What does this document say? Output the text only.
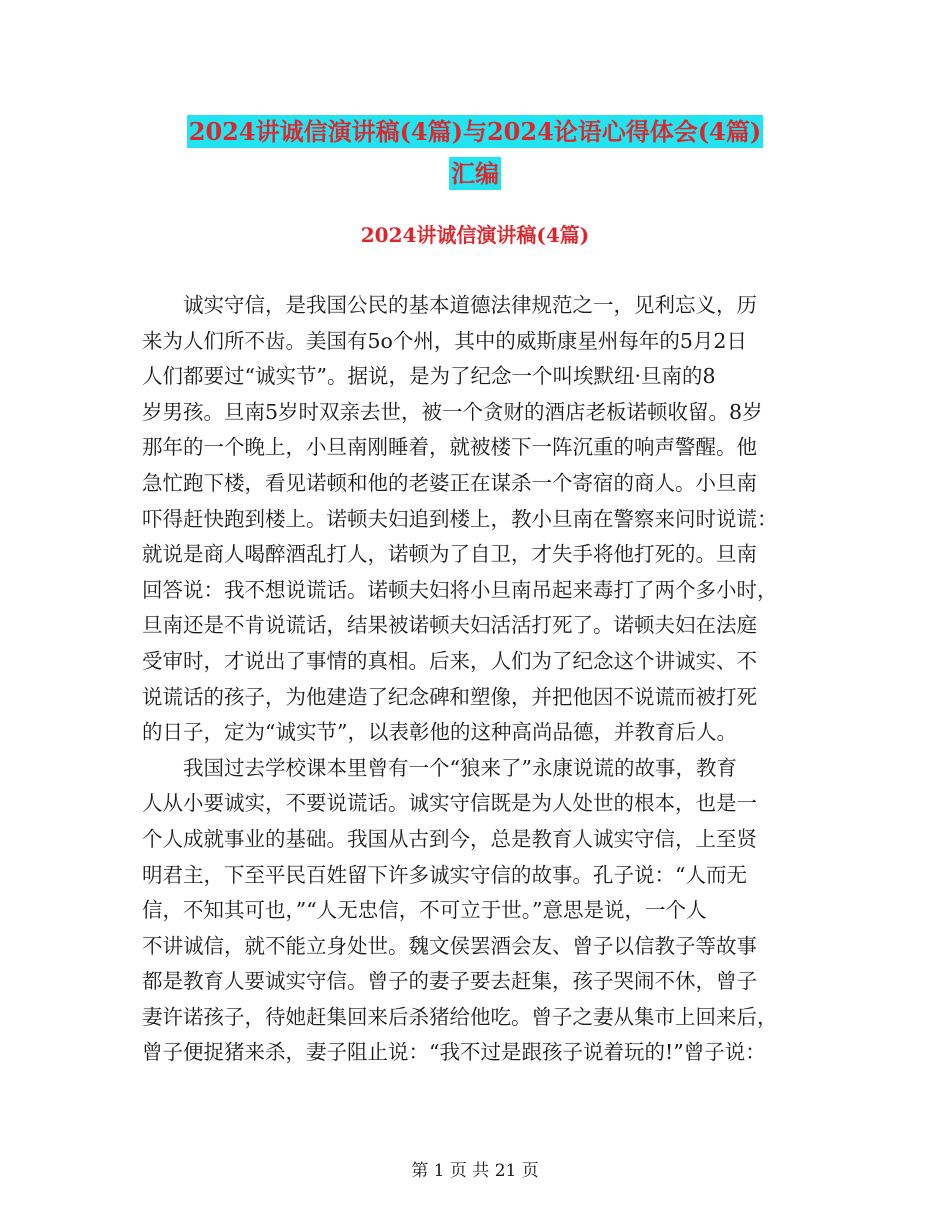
2024讲诚信演讲稿(4篇)与2024论语心得体会(4篇)
汇编
2024讲诚信演讲稿(4篇)
诚实守信，是我国公民的基本道德法律规范之一，见利忘义，历
来为人们所不齿。美国有5o个州，其中的威斯康星州每年的5月2日
人们都要过“诚实节”。据说，是为了纪念一个叫埃默纽·旦南的8
岁男孩。旦南5岁时双亲去世，被一个贪财的酒店老板诺顿收留。8岁
那年的一个晚上，小旦南刚睡着，就被楼下一阵沉重的响声警醒。他
急忙跑下楼，看见诺顿和他的老婆正在谋杀一个寄宿的商人。小旦南
吓得赶快跑到楼上。诺顿夫妇追到楼上，教小旦南在警察来问时说谎：
就说是商人喝醉酒乱打人，诺顿为了自卫，才失手将他打死的。旦南
回答说：我不想说谎话。诺顿夫妇将小旦南吊起来毒打了两个多小时，
旦南还是不肯说谎话，结果被诺顿夫妇活活打死了。诺顿夫妇在法庭
受审时，才说出了事情的真相。后来，人们为了纪念这个讲诚实、不
说谎话的孩子，为他建造了纪念碑和塑像，并把他因不说谎而被打死
的日子，定为“诚实节”，以表彰他的这种高尚品德，并教育后人。
我国过去学校课本里曾有一个“狼来了”永康说谎的故事，教育
人从小要诚实，不要说谎话。诚实守信既是为人处世的根本，也是一
个人成就事业的基础。我国从古到今，总是教育人诚实守信，上至贤
明君主，下至平民百姓留下许多诚实守信的故事。孔子说：“人而无
信，不知其可也，”“人无忠信，不可立于世。”意思是说，一个人
不讲诚信，就不能立身处世。魏文侯罢酒会友、曾子以信教子等故事
都是教育人要诚实守信。曾子的妻子要去赶集，孩子哭闹不休，曾子
妻许诺孩子，待她赶集回来后杀猪给他吃。曾子之妻从集市上回来后，
曾子便捉猪来杀，妻子阻止说：“我不过是跟孩子说着玩的!”曾子说：
第 1 页 共 21 页
